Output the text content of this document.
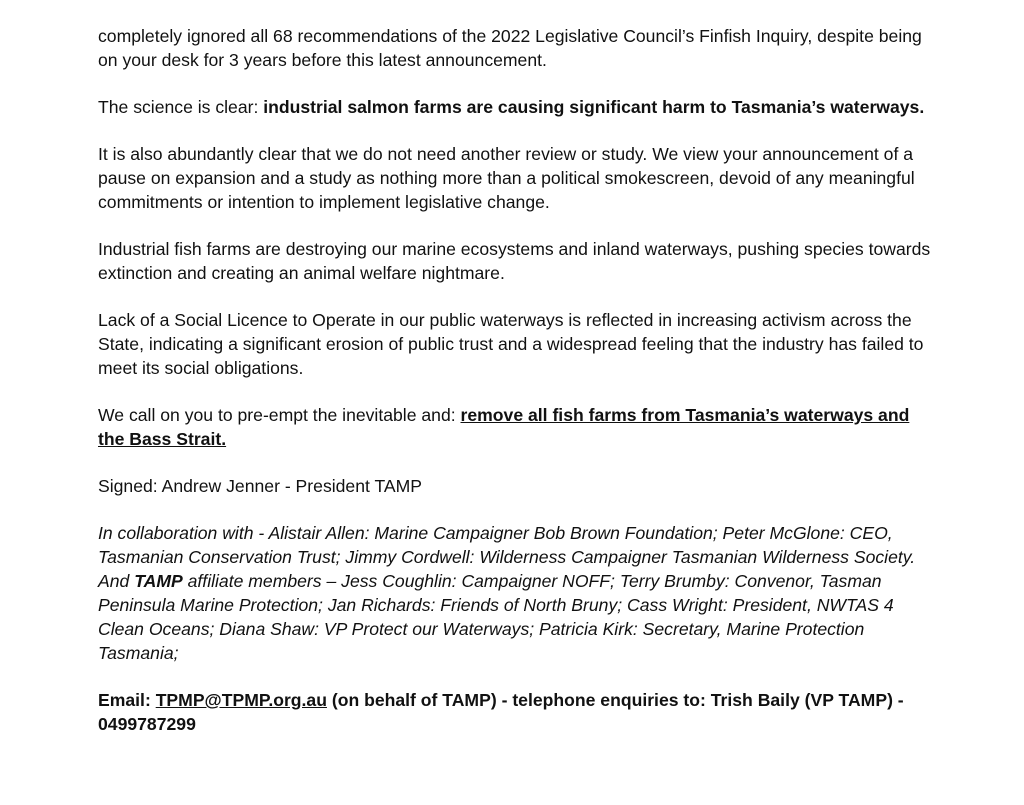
completely ignored all 68 recommendations of the 2022 Legislative Council’s Finfish Inquiry, despite being on your desk for 3 years before this latest announcement.

The science is clear: industrial salmon farms are causing significant harm to Tasmania’s waterways.

It is also abundantly clear that we do not need another review or study. We view your announcement of a pause on expansion and a study as nothing more than a political smokescreen, devoid of any meaningful commitments or intention to implement legislative change.

Industrial fish farms are destroying our marine ecosystems and inland waterways, pushing species towards extinction and creating an animal welfare nightmare.

Lack of a Social Licence to Operate in our public waterways is reflected in increasing activism across the State, indicating a significant erosion of public trust and a widespread feeling that the industry has failed to meet its social obligations.

We call on you to pre-empt the inevitable and: remove all fish farms from Tasmania’s waterways and the Bass Strait.

Signed: Andrew Jenner - President TAMP

In collaboration with - Alistair Allen: Marine Campaigner Bob Brown Foundation; Peter McGlone: CEO, Tasmanian Conservation Trust; Jimmy Cordwell: Wilderness Campaigner Tasmanian Wilderness Society. And TAMP affiliate members – Jess Coughlin: Campaigner NOFF; Terry Brumby: Convenor, Tasman Peninsula Marine Protection; Jan Richards: Friends of North Bruny; Cass Wright: President, NWTAS 4 Clean Oceans; Diana Shaw: VP Protect our Waterways; Patricia Kirk: Secretary, Marine Protection Tasmania;

Email: TPMP@TPMP.org.au (on behalf of TAMP) - telephone enquiries to: Trish Baily (VP TAMP) - 0499787299
